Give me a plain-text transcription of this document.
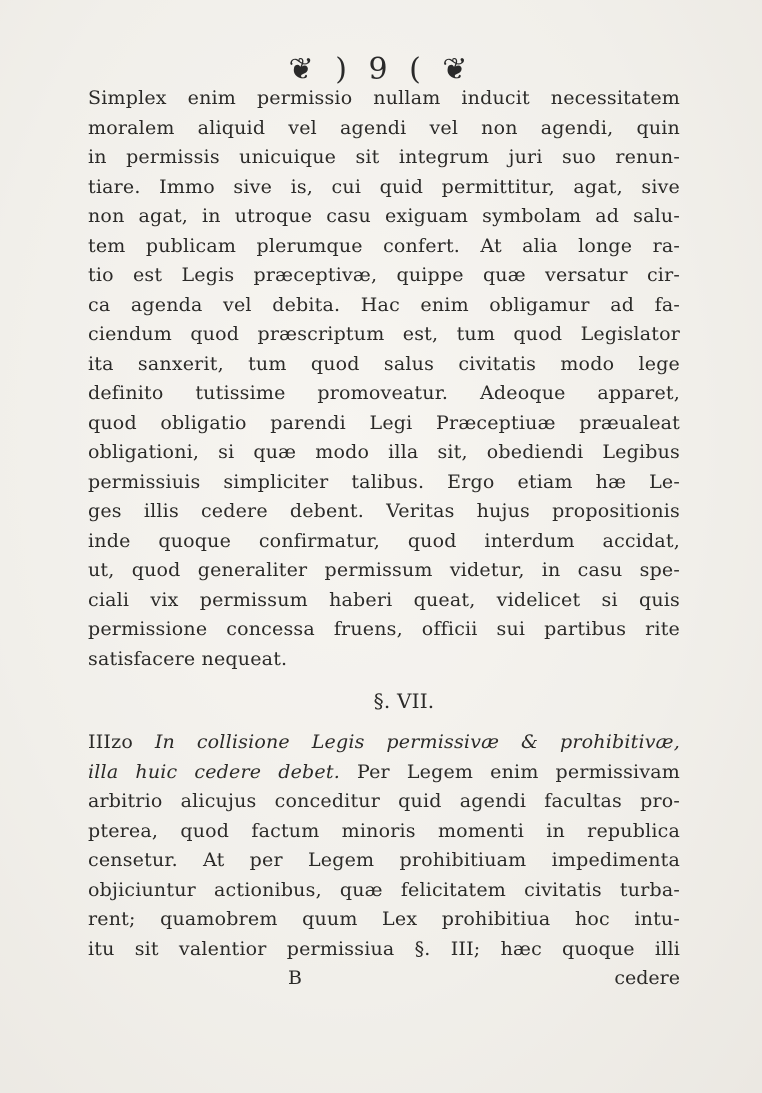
❦ ) 9 ( ❦
Simplex enim permissio nullam inducit necessitatem
moralem aliquid vel agendi vel non agendi, quin
in permissis unicuique sit integrum juri suo renun-
tiare. Immo sive is, cui quid permittitur, agat, sive
non agat, in utroque casu exiguam symbolam ad salu-
tem publicam plerumque confert. At alia longe ra-
tio est Legis præceptivæ, quippe quæ versatur cir-
ca agenda vel debita. Hac enim obligamur ad fa-
ciendum quod præscriptum est, tum quod Legislator
ita sanxerit, tum quod salus civitatis modo lege
definito tutissime promoveatur. Adeoque apparet,
quod obligatio parendi Legi Præceptiuæ præualeat
obligationi, si quæ modo illa sit, obediendi Legibus
permissiuis simpliciter talibus. Ergo etiam hæ Le-
ges illis cedere debent. Veritas hujus propositionis
inde quoque confirmatur, quod interdum accidat,
ut, quod generaliter permissum videtur, in casu spe-
ciali vix permissum haberi queat, videlicet si quis
permissione concessa fruens, officii sui partibus rite
satisfacere nequeat.
§. VII.
IIIzo In collisione Legis permissivæ & prohibitivæ,
illa huic cedere debet. Per Legem enim permissivam
arbitrio alicujus conceditur quid agendi facultas pro-
pterea, quod factum minoris momenti in republica
censetur. At per Legem prohibitiuam impedimenta
objiciuntur actionibus, quæ felicitatem civitatis turba-
rent; quamobrem quum Lex prohibitiua hoc intu-
itu sit valentior permissiua §. III; hæc quoque illi
B	cedere
